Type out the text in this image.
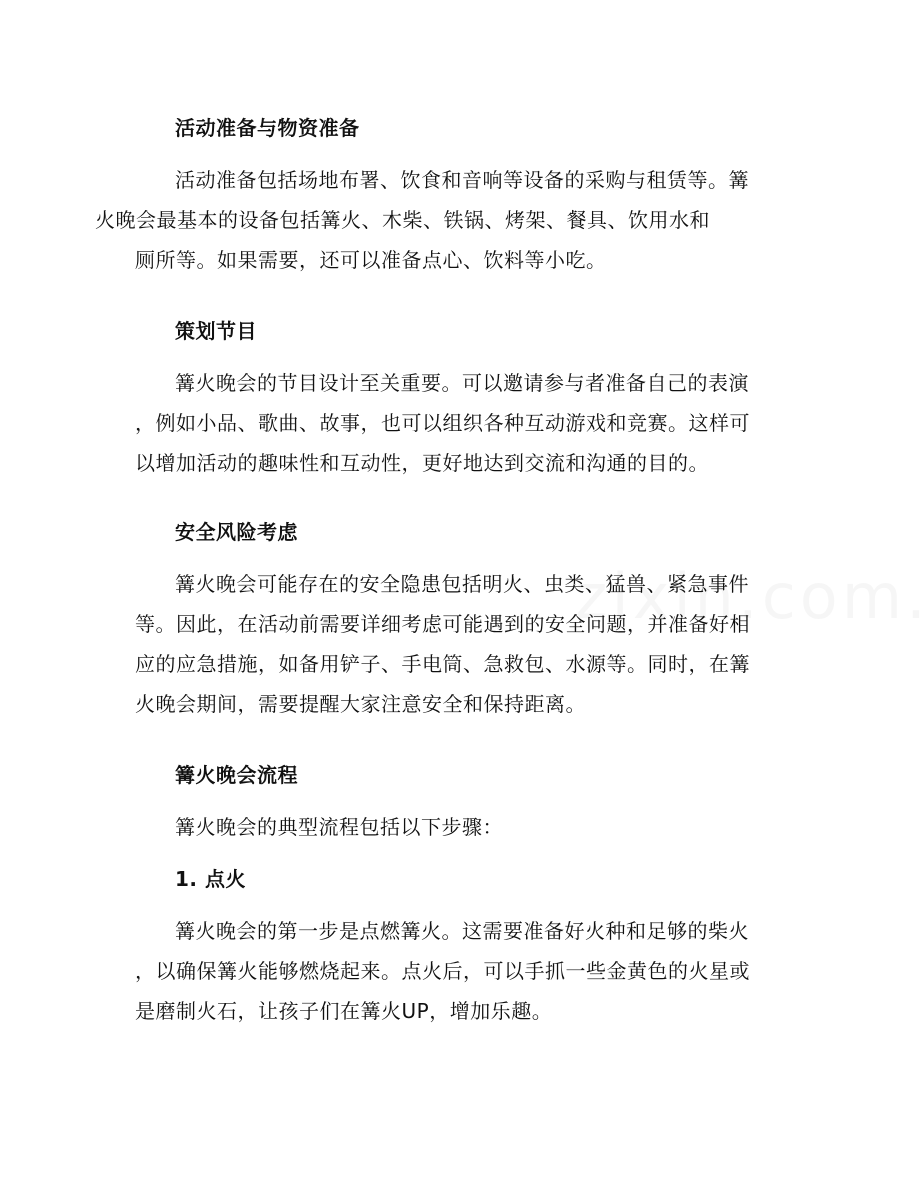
活动准备与物资准备
活动准备包括场地布署、饮食和音响等设备的采购与租赁等。篝
火晚会最基本的设备包括篝火、木柴、铁锅、烤架、餐具、饮用水和
厕所等。如果需要，还可以准备点心、饮料等小吃。
策划节目
篝火晚会的节目设计至关重要。可以邀请参与者准备自己的表演
，例如小品、歌曲、故事，也可以组织各种互动游戏和竞赛。这样可
以增加活动的趣味性和互动性，更好地达到交流和沟通的目的。
安全风险考虑
篝火晚会可能存在的安全隐患包括明火、虫类、猛兽、紧急事件
等。因此，在活动前需要详细考虑可能遇到的安全问题，并准备好相
应的应急措施，如备用铲子、手电筒、急救包、水源等。同时，在篝
火晚会期间，需要提醒大家注意安全和保持距离。
篝火晚会流程
篝火晚会的典型流程包括以下步骤：
1. 点火
篝火晚会的第一步是点燃篝火。这需要准备好火种和足够的柴火
，以确保篝火能够燃烧起来。点火后，可以手抓一些金黄色的火星或
是磨制火石，让孩子们在篝火UP，增加乐趣。
